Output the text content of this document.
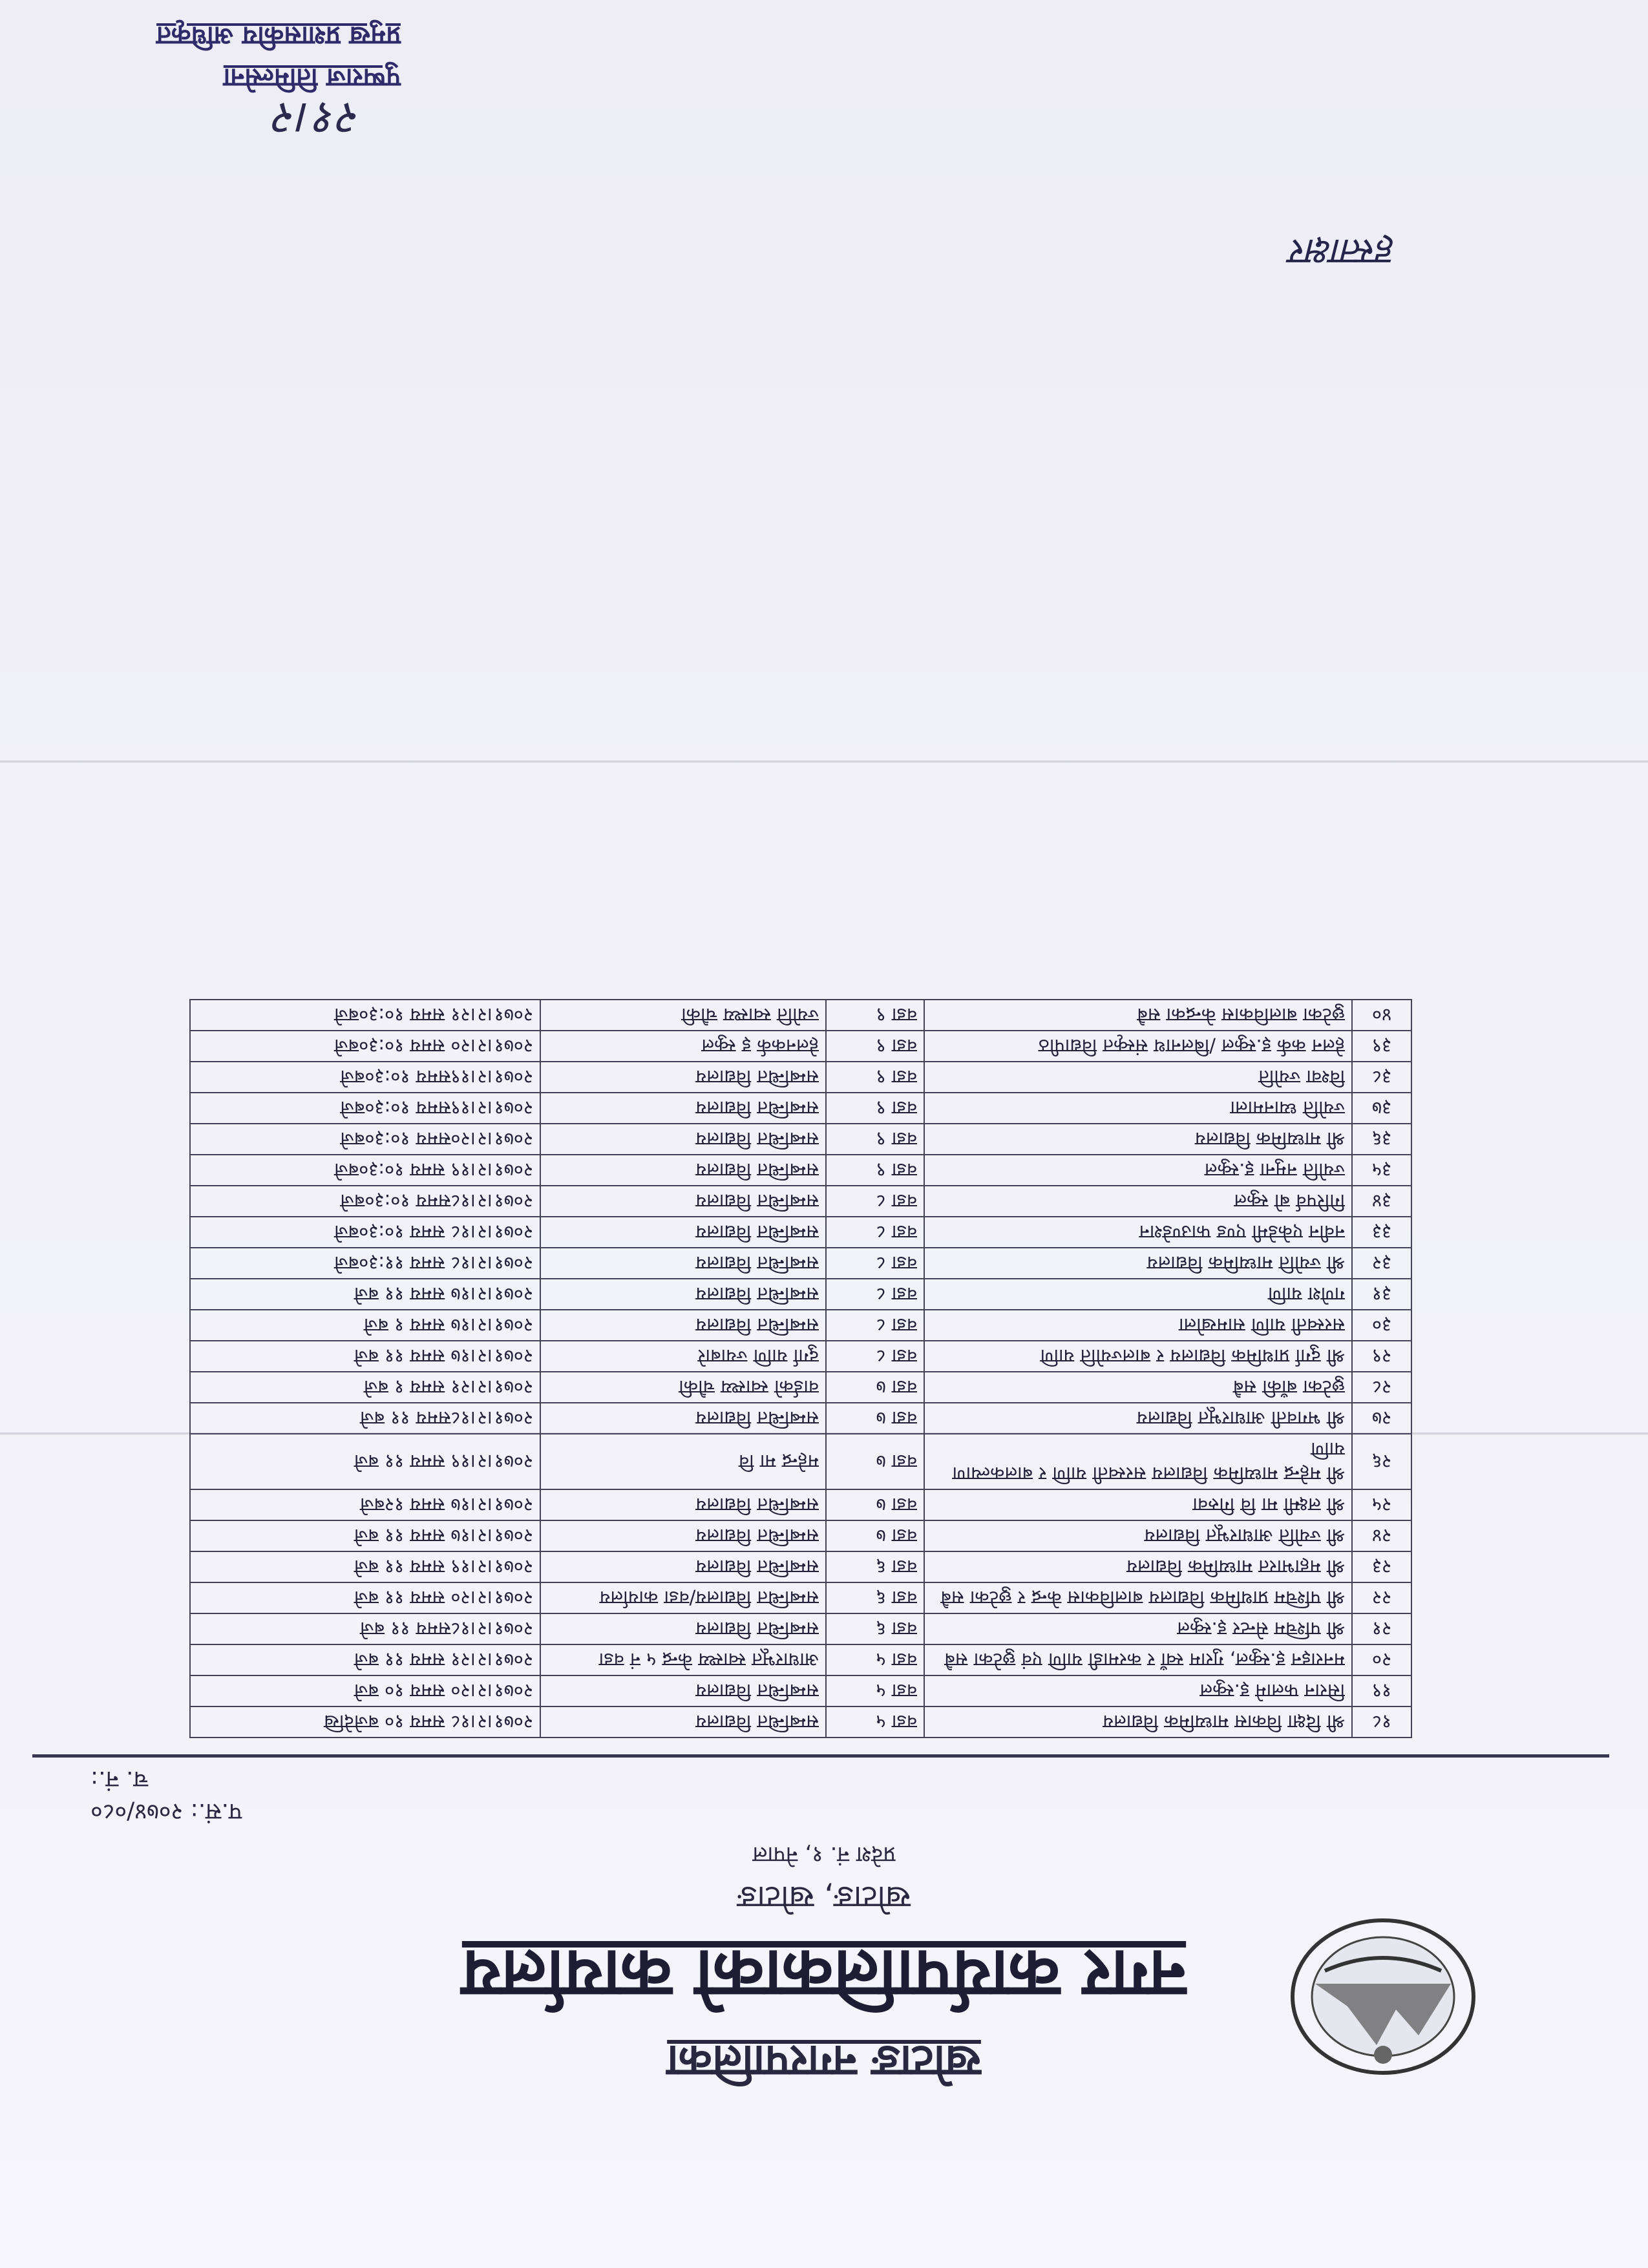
खोटाङ नगरपालिका
नगर कार्यपालिकाको कार्यालय
खोटाङ, खोटाङ
प्रदेश नं. १, नेपाल
प.सं.: २०७४/०८०
च. नं.:
१८	श्री दिक्षा विकास माध्यमिक विद्यालय	वडा ५	सम्बन्धित विद्यालय	२०७१।२।१८ समय १० बजेदेखि
१९	सिरान फलामे इ.स्कुल	वडा ५	सम्बन्धित विद्यालय	२०७१।२।२० समय १० बजे
२०	मनराइन इ.स्कुल, गुराम स्वाँ र करमाडी याणि एवं छुटेका सबै	वडा ५	आधारभूत स्वास्थ्य केन्द्र ५ नं वडा	२०७१।२।२१ समय ११ बजे
२१	श्री पश्चिम सेन्टर इ.स्कुल	वडा ६	सम्बन्धित विद्यालय	२०७१।२।१८समय ११ बजे
२२	श्री पश्चिम प्राथमिक विद्यालय बालविकास केन्द्र र छुटेका सबै	वडा ६	सम्बन्धित विद्यालय/वडा कार्यालय	२०७१।२।२० समय ११ बजे
२३	श्री महाभारत माध्यमिक विद्यालय	वडा ६	सम्बन्धित विद्यालय	२०७१।२।१९ समय ११ बजे
२४	श्री ज्योति आधारभूत विद्यालय	वडा ७	सम्बन्धित विद्यालय	२०७१।२।१७ समय ११ बजे
२५	श्री लक्ष्मी मा वि गिरुवा	वडा ७	सम्बन्धित विद्यालय	२०७१।२।१७ समय १२बजे
२६	श्री महेन्द्र माध्यमिक विद्यालय सरस्वती याणि र बालकल्याण याणि	वडा ७	महेन्द्र मा वि	२०७१।२।१९ समय ११ बजे
२७	श्री भगवती आधारभूत विद्यालय	वडा ७	सम्बन्धित विद्यालय	२०७१।२।१८समय ११ बजे
२८	छुटेका बाँकी सबै	वडा ७	वार्डको स्वास्थ्य चौकी	२०७१।२।२१ समय १ बजे
२९	श्री दुर्गा प्राथमिक विद्यालय र बालज्योति याणि	वडा ८	दुर्गा याणि ज्याबारे	२०७१।२।१७ समय ११ बजे
३०	सरस्वती याणि सामखोला	वडा ८	सम्बन्धित विद्यालय	२०७१।२।१७ समय १ बजे
३१	गणेश याणि	वडा ८	सम्बन्धित विद्यालय	२०७१।२।१७ समय ११ बजे
३२	श्री ज्योति माध्यमिक विद्यालय	वडा ८	सम्बन्धित विद्यालय	२०७१।२।१८ समय ११:३०बजे
३३	नवीन एकेडेमी एण्ड फाउण्डेशन	वडा ८	सम्बन्धित विद्यालय	२०७१।२।१८ समय १०:३०बजे
३४	गिरिपर्व बो स्कुल	वडा ८	सम्बन्धित विद्यालय	२०७१।२।१८समय १०:३०बजे
३५	ज्योति नमुना इ.स्कुल	वडा ९	सम्बन्धित विद्यालय	२०७१।२।१९ समय १०:३०बजे
३६	श्री माध्यमिक विद्यालय	वडा ९	सम्बन्धित विद्यालय	२०७१।२।२०समय १०:३०बजे
३७	ज्योति ध्यानमाला	वडा ९	सम्बन्धित विद्यालय	२०७१।२।१९समय १०:३०बजे
३८	विश्वा ज्योति	वडा ९	सम्बन्धित विद्यालय	२०७१।२।१९समय १०:३०बजे
३९	हेलन कर्क इ.स्कुल /बिलनाथ संस्कृत विद्यापीठ	वडा ९	हेलनकर्क इ स्कुल	२०७१।२।२० समय १०:३०बजे
४०	छुटेका बालविकास केन्द्रका सबै	वडा ९	ज्योति स्वास्थ्य चौकी	२०७१।२।२१ समय १०:३०बजे
हस्ताक्षर
२१।२
पुष्पराज तिमिल्सेना
प्रमुख प्रशासकीय अधिकृत
